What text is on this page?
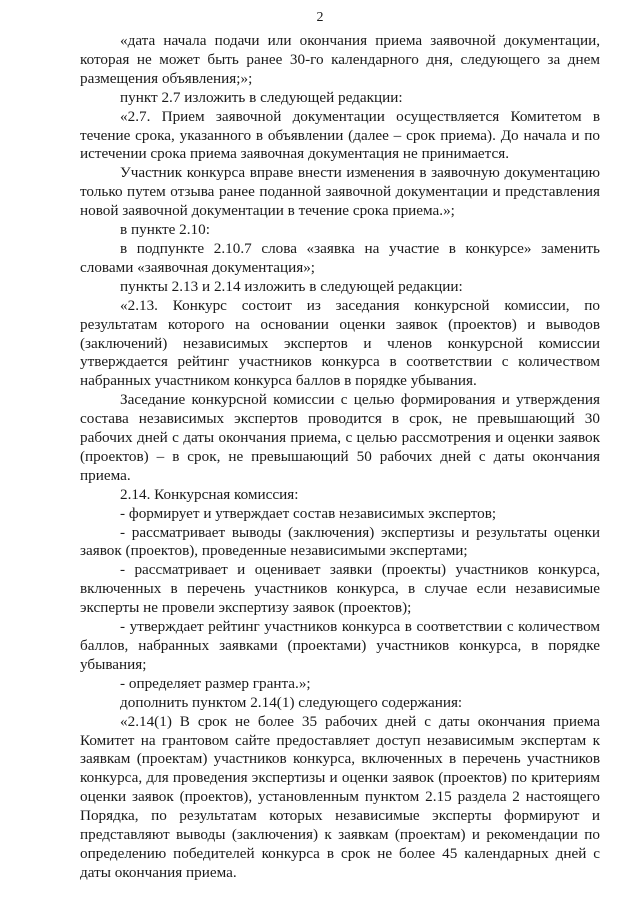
2

«дата начала подачи или окончания приема заявочной документации, которая не может быть ранее 30-го календарного дня, следующего за днем размещения объявления;»;

пункт 2.7 изложить в следующей редакции:

«2.7. Прием заявочной документации осуществляется Комитетом в течение срока, указанного в объявлении (далее – срок приема). До начала и по истечении срока приема заявочная документация не принимается.

Участник конкурса вправе внести изменения в заявочную документацию только путем отзыва ранее поданной заявочной документации и представления новой заявочной документации в течение срока приема.»;

в пункте 2.10:

в подпункте 2.10.7 слова «заявка на участие в конкурсе» заменить словами «заявочная документация»;

пункты 2.13 и 2.14 изложить в следующей редакции:

«2.13. Конкурс состоит из заседания конкурсной комиссии, по результатам которого на основании оценки заявок (проектов) и выводов (заключений) независимых экспертов и членов конкурсной комиссии утверждается рейтинг участников конкурса в соответствии с количеством набранных участником конкурса баллов в порядке убывания.

Заседание конкурсной комиссии с целью формирования и утверждения состава независимых экспертов проводится в срок, не превышающий 30 рабочих дней с даты окончания приема, с целью рассмотрения и оценки заявок (проектов) – в срок, не превышающий 50 рабочих дней с даты окончания приема.

2.14. Конкурсная комиссия:

- формирует и утверждает состав независимых экспертов;

- рассматривает выводы (заключения) экспертизы и результаты оценки заявок (проектов), проведенные независимыми экспертами;

- рассматривает и оценивает заявки (проекты) участников конкурса, включенных в перечень участников конкурса, в случае если независимые эксперты не провели экспертизу заявок (проектов);

- утверждает рейтинг участников конкурса в соответствии с количеством баллов, набранных заявками (проектами) участников конкурса, в порядке убывания;

- определяет размер гранта.»;

дополнить пунктом 2.14(1) следующего содержания:

«2.14(1) В срок не более 35 рабочих дней с даты окончания приема Комитет на грантовом сайте предоставляет доступ независимым экспертам к заявкам (проектам) участников конкурса, включенных в перечень участников конкурса, для проведения экспертизы и оценки заявок (проектов) по критериям оценки заявок (проектов), установленным пунктом 2.15 раздела 2 настоящего Порядка, по результатам которых независимые эксперты формируют и представляют выводы (заключения) к заявкам (проектам) и рекомендации по определению победителей конкурса в срок не более 45 календарных дней с даты окончания приема.
